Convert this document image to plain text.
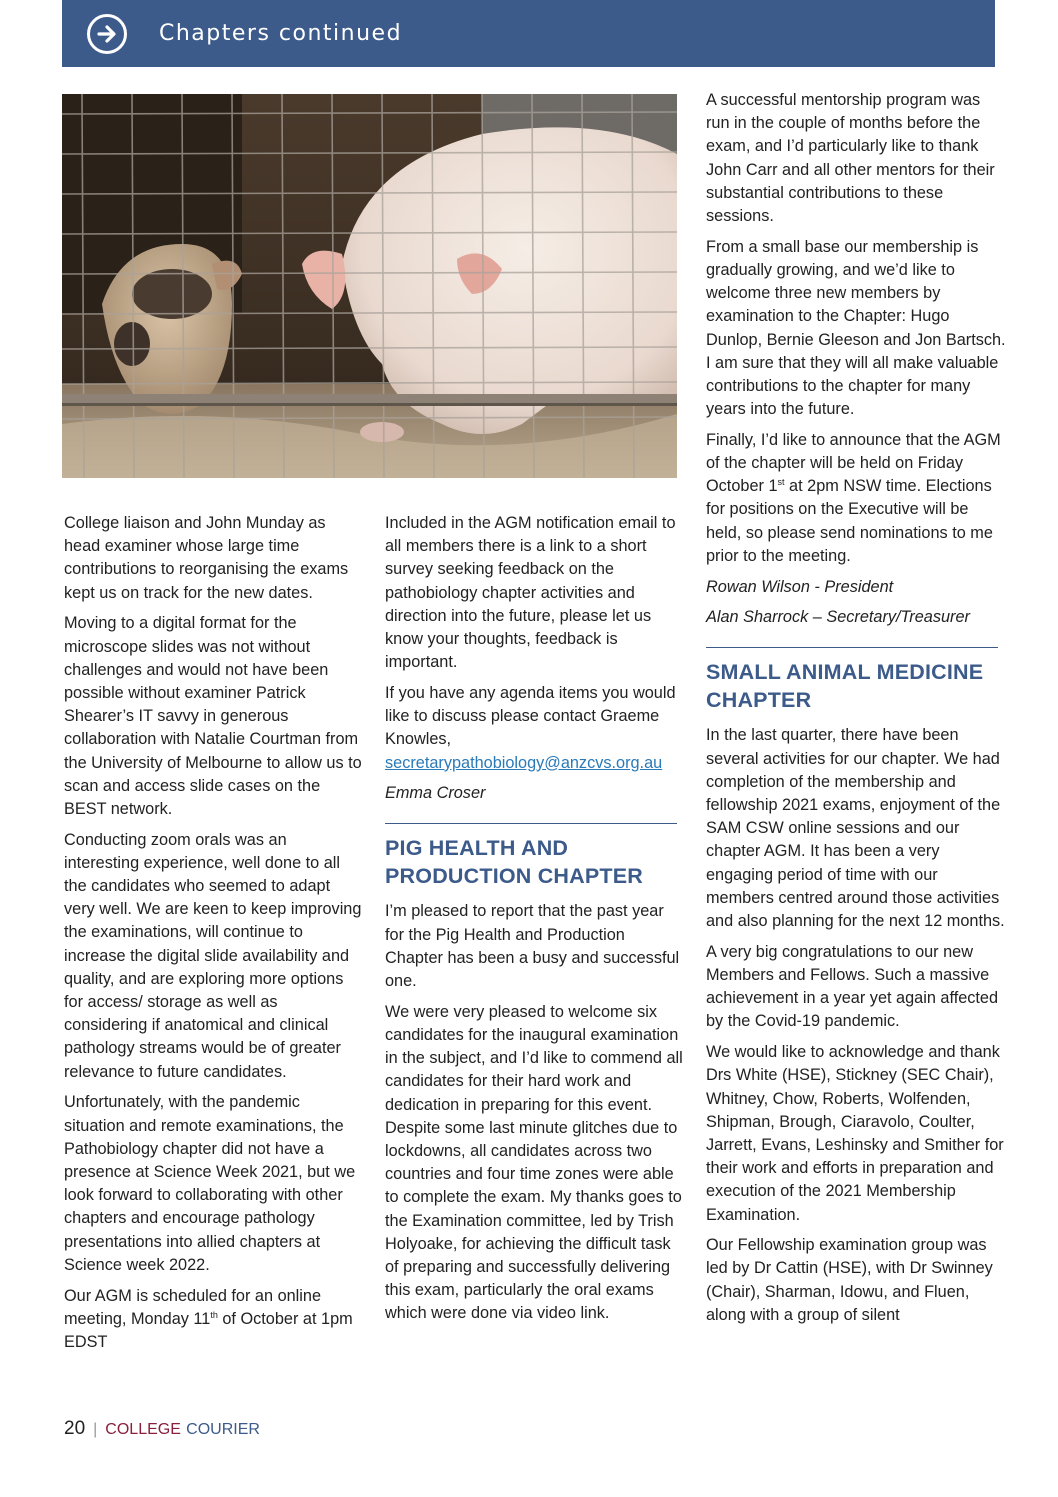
Chapters continued

College liaison and John Munday as head examiner whose large time contributions to reorganising the exams kept us on track for the new dates.

Moving to a digital format for the microscope slides was not without challenges and would not have been possible without examiner Patrick Shearer’s IT savvy in generous collaboration with Natalie Courtman from the University of Melbourne to allow us to scan and access slide cases on the BEST network.

Conducting zoom orals was an interesting experience, well done to all the candidates who seemed to adapt very well. We are keen to keep improving the examinations, will continue to increase the digital slide availability and quality, and are exploring more options for access/ storage as well as considering if anatomical and clinical pathology streams would be of greater relevance to future candidates.

Unfortunately, with the pandemic situation and remote examinations, the Pathobiology chapter did not have a presence at Science Week 2021, but we look forward to collaborating with other chapters and encourage pathology presentations into allied chapters at Science week 2022.

Our AGM is scheduled for an online meeting, Monday 11th of October at 1pm EDST

Included in the AGM notification email to all members there is a link to a short survey seeking feedback on the pathobiology chapter activities and direction into the future, please let us know your thoughts, feedback is important.

If you have any agenda items you would like to discuss please contact Graeme Knowles,
secretarypathobiology@anzcvs.org.au

Emma Croser

PIG HEALTH AND PRODUCTION CHAPTER

I’m pleased to report that the past year for the Pig Health and Production Chapter has been a busy and successful one.

We were very pleased to welcome six candidates for the inaugural examination in the subject, and I’d like to commend all candidates for their hard work and dedication in preparing for this event. Despite some last minute glitches due to lockdowns, all candidates across two countries and four time zones were able to complete the exam. My thanks goes to the Examination committee, led by Trish Holyoake, for achieving the difficult task of preparing and successfully delivering this exam, particularly the oral exams which were done via video link.

A successful mentorship program was run in the couple of months before the exam, and I’d particularly like to thank John Carr and all other mentors for their substantial contributions to these sessions.

From a small base our membership is gradually growing, and we’d like to welcome three new members by examination to the Chapter: Hugo Dunlop, Bernie Gleeson and Jon Bartsch. I am sure that they will all make valuable contributions to the chapter for many years into the future.

Finally, I’d like to announce that the AGM of the chapter will be held on Friday October 1st at 2pm NSW time. Elections for positions on the Executive will be held, so please send nominations to me prior to the meeting.

Rowan Wilson - President

Alan Sharrock – Secretary/Treasurer

SMALL ANIMAL MEDICINE CHAPTER

In the last quarter, there have been several activities for our chapter. We had completion of the membership and fellowship 2021 exams, enjoyment of the SAM CSW online sessions and our chapter AGM. It has been a very engaging period of time with our members centred around those activities and also planning for the next 12 months.

A very big congratulations to our new Members and Fellows. Such a massive achievement in a year yet again affected by the Covid-19 pandemic.

We would like to acknowledge and thank Drs White (HSE), Stickney (SEC Chair), Whitney, Chow, Roberts, Wolfenden, Shipman, Brough, Ciaravolo, Coulter, Jarrett, Evans, Leshinsky and Smither for their work and efforts in preparation and execution of the 2021 Membership Examination.

Our Fellowship examination group was led by Dr Cattin (HSE), with Dr Swinney (Chair), Sharman, Idowu, and Fluen, along with a group of silent

20 | COLLEGE COURIER
